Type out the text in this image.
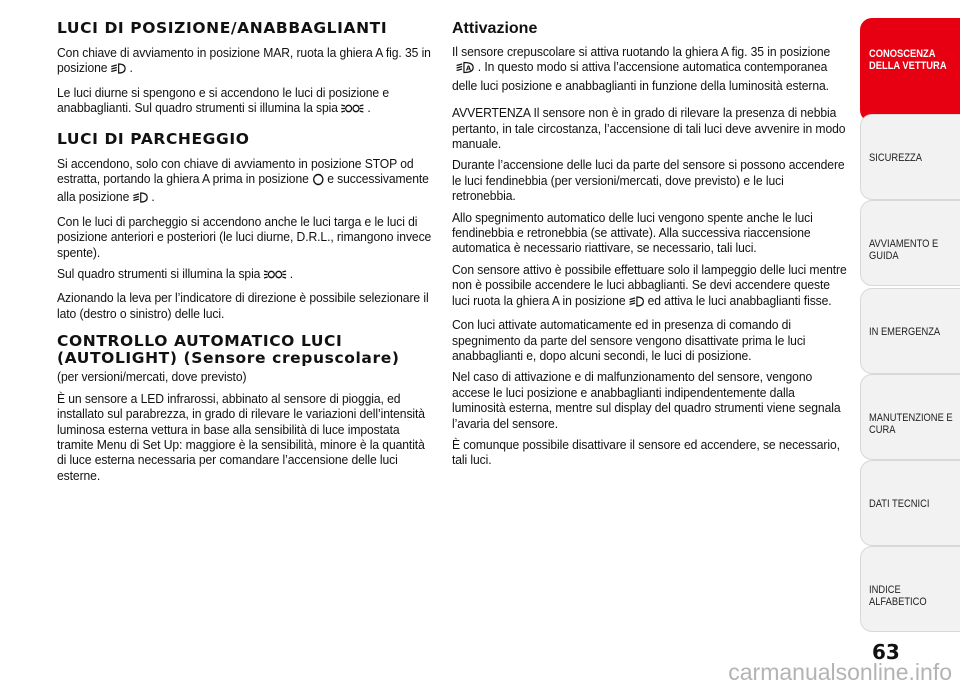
LUCI DI POSIZIONE/ANABBAGLIANTI

Con chiave di avviamento in posizione MAR, ruota la ghiera A fig. 35 in posizione .

Le luci diurne si spengono e si accendono le luci di posizione e anabbaglianti. Sul quadro strumenti si illumina la spia .

LUCI DI PARCHEGGIO

Si accendono, solo con chiave di avviamento in posizione STOP od estratta, portando la ghiera A prima in posizione e successivamente alla posizione .

Con le luci di parcheggio si accendono anche le luci targa e le luci di posizione anteriori e posteriori (le luci diurne, D.R.L., rimangono invece spente).

Sul quadro strumenti si illumina la spia .

Azionando la leva per l’indicatore di direzione è possibile selezionare il lato (destro o sinistro) delle luci.

CONTROLLO AUTOMATICO LUCI
(AUTOLIGHT) (Sensore crepuscolare)

(per versioni/mercati, dove previsto)

È un sensore a LED infrarossi, abbinato al sensore di pioggia, ed installato sul parabrezza, in grado di rilevare le variazioni dell’intensità luminosa esterna vettura in base alla sensibilità di luce impostata tramite Menu di Set Up: maggiore è la sensibilità, minore è la quantità di luce esterna necessaria per comandare l’accensione delle luci esterne.

Attivazione

Il sensore crepuscolare si attiva ruotando la ghiera A fig. 35 in posizione
A . In questo modo si attiva l’accensione automatica contemporanea delle luci posizione e anabbaglianti in funzione della luminosità esterna.

AVVERTENZA Il sensore non è in grado di rilevare la presenza di nebbia pertanto, in tale circostanza, l’accensione di tali luci deve avvenire in modo manuale.

Durante l’accensione delle luci da parte del sensore si possono accendere le luci fendinebbia (per versioni/mercati, dove previsto) e le luci retronebbia.

Allo spegnimento automatico delle luci vengono spente anche le luci fendinebbia e retronebbia (se attivate). Alla successiva riaccensione automatica è necessario riattivare, se necessario, tali luci.

Con sensore attivo è possibile effettuare solo il lampeggio delle luci mentre non è possibile accendere le luci abbaglianti. Se devi accendere queste luci ruota la ghiera A in posizione ed attiva le luci anabbaglianti fisse.

Con luci attivate automaticamente ed in presenza di comando di spegnimento da parte del sensore vengono disattivate prima le luci anabbaglianti e, dopo alcuni secondi, le luci di posizione.

Nel caso di attivazione e di malfunzionamento del sensore, vengono accese le luci posizione e anabbaglianti indipendentemente dalla luminosità esterna, mentre sul display del quadro strumenti viene segnala l’avaria del sensore.

È comunque possibile disattivare il sensore ed accendere, se necessario, tali luci.

CONOSCENZA DELLA VETTURA
SICUREZZA
AVVIAMENTO E GUIDA
IN EMERGENZA
MANUTENZIONE E CURA
DATI TECNICI
INDICE ALFABETICO
63
carmanualsonline.info
